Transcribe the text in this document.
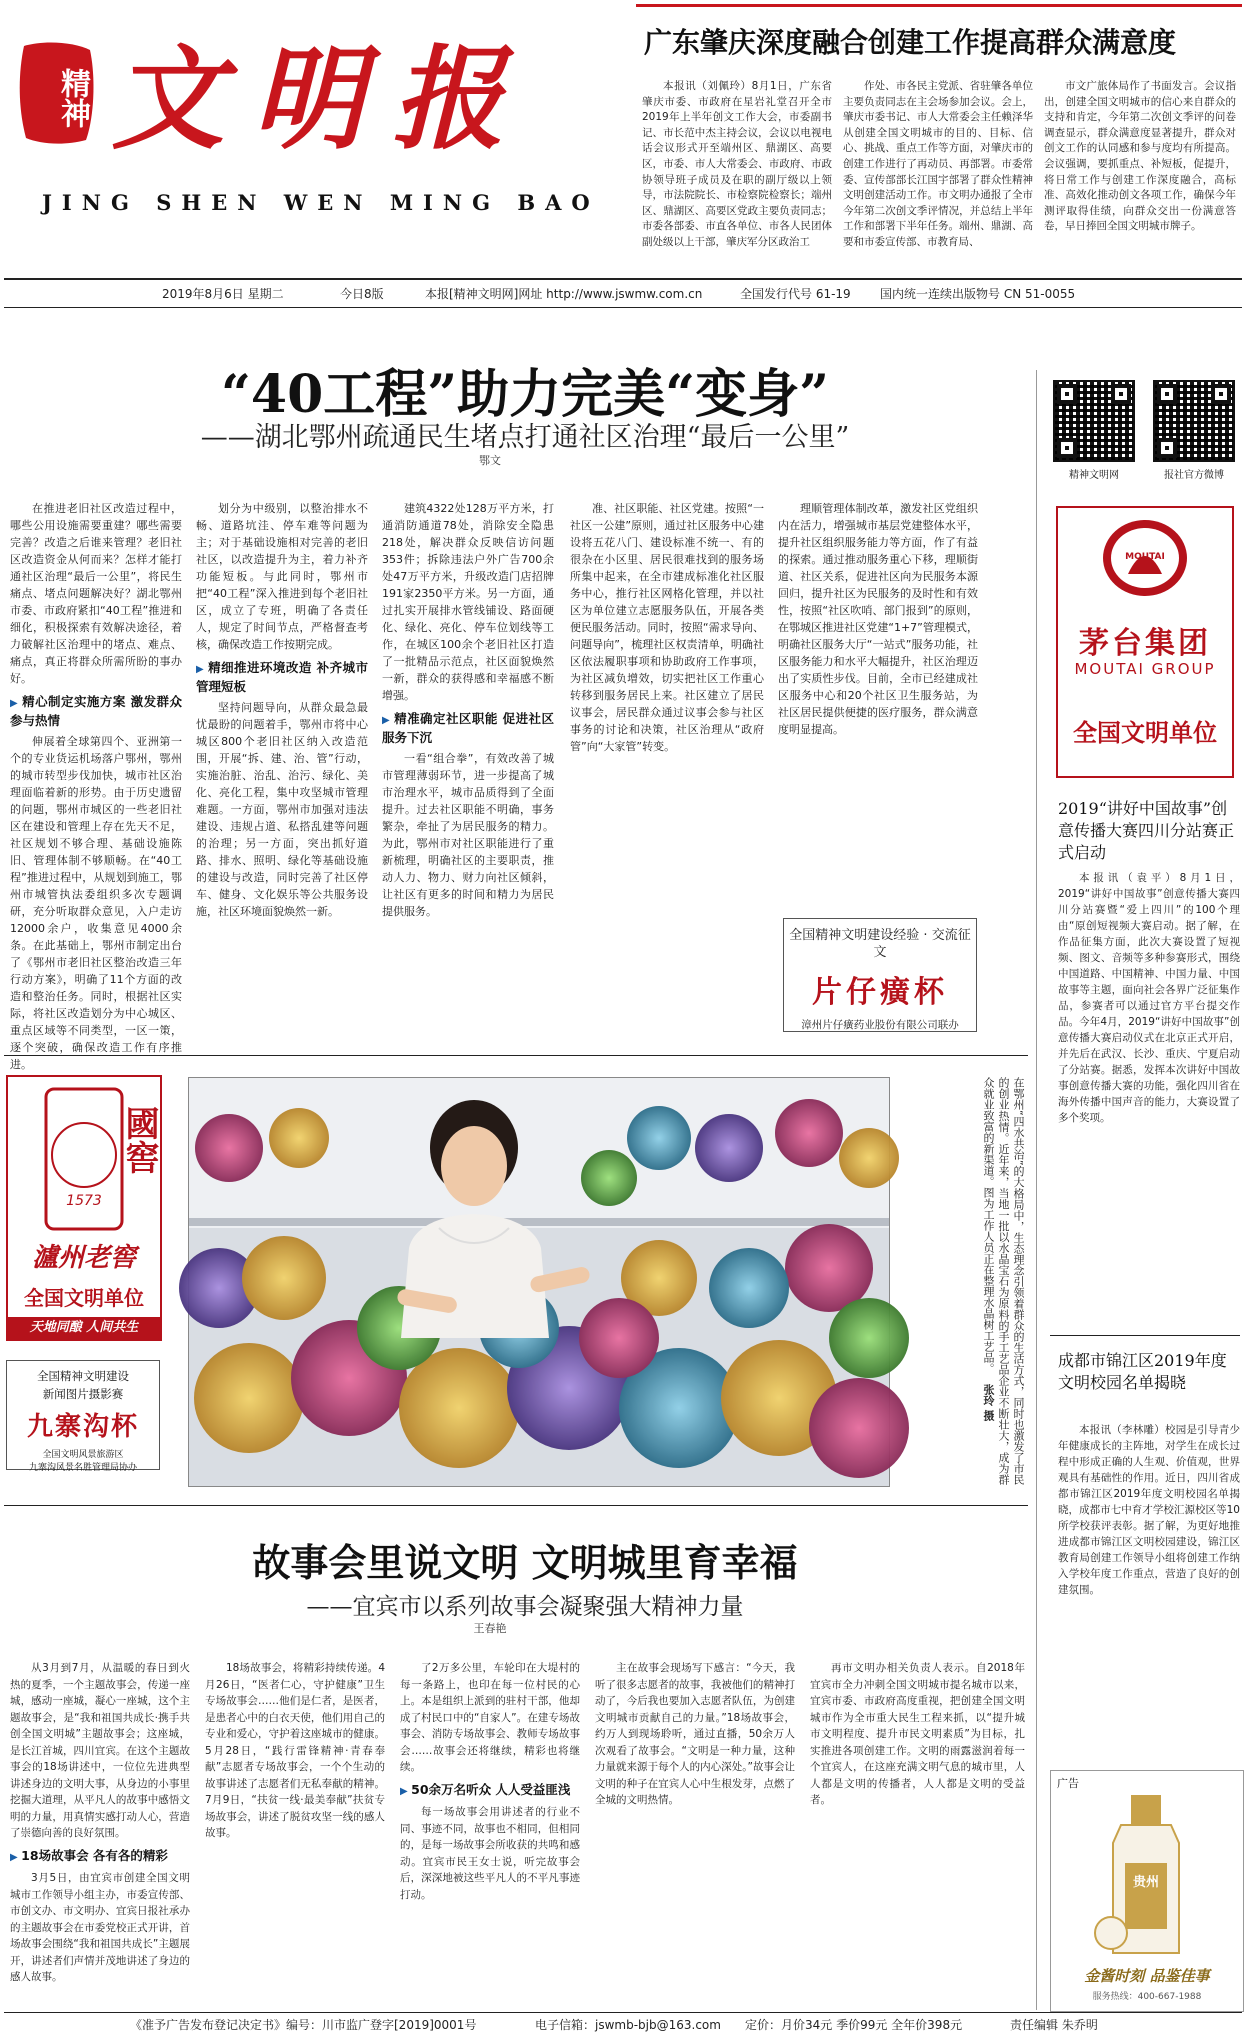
精神 文明报
JING SHEN WEN MING BAO
广东肇庆深度融合创建工作提高群众满意度

本报讯（刘佩玲）8月1日，广东省肇庆市委、市政府在星岩礼堂召开全市2019年上半年创文工作大会，市委副书记、市长范中杰主持会议，会议以电视电话会议形式开至端州区、鼎湖区、高要区，市委、市人大常委会、市政府、市政协领导班子成员及在职的副厅级以上领导，市法院院长、市检察院检察长；端州区、鼎湖区、高要区党政主要负责同志；市委各部委、市直各单位、市各人民团体副处级以上干部，肇庆军分区政治工

作处、市各民主党派、省驻肇各单位主要负责同志在主会场参加会议。会上，肇庆市委书记、市人大常委会主任赖泽华从创建全国文明城市的目的、目标、信心、挑战、重点工作等方面，对肇庆市的创建工作进行了再动员、再部署。市委常委、宣传部部长江国宇部署了群众性精神文明创建活动工作。市文明办通报了全市今年第二次创文季评情况，并总结上半年工作和部署下半年任务。端州、鼎湖、高要和市委宣传部、市教育局、

市文广旅体局作了书面发言。会议指出，创建全国文明城市的信心来自群众的支持和肯定，今年第二次创文季评的问卷调查显示，群众满意度显著提升，群众对创文工作的认同感和参与度均有所提高。会议强调，要抓重点、补短板，促提升，将日常工作与创建工作深度融合，高标准、高效化推动创文各项工作，确保今年测评取得佳绩，向群众交出一份满意答卷，早日捧回全国文明城市牌子。

2019年8月6日 星期二	今日8版	本报[精神文明网]网址 http://www.jswmw.com.cn	全国发行代号 61-19 国内统一连续出版物号 CN 51-0055
“40工程”助力完美“变身”
——湖北鄂州疏通民生堵点打通社区治理“最后一公里”
鄂文

在推进老旧社区改造过程中，哪些公用设施需要重建？哪些需要完善？改造之后谁来管理？老旧社区改造资金从何而来？怎样才能打通社区治理“最后一公里”，将民生痛点、堵点问题解决好？湖北鄂州市委、市政府紧扣“40工程”推进和细化，积极探索有效解决途径，着力破解社区治理中的堵点、难点、痛点，真正将群众所需所盼的事办好。

▶ 精心制定实施方案 激发群众参与热情

伸展着全球第四个、亚洲第一个的专业货运机场落户鄂州，鄂州的城市转型步伐加快，城市社区治理面临着新的形势。由于历史遗留的问题，鄂州市城区的一些老旧社区在建设和管理上存在先天不足，社区规划不够合理、基础设施陈旧、管理体制不够顺畅。在“40工程”推进过程中，从规划到施工，鄂州市城管执法委组织多次专题调研，充分听取群众意见，入户走访12000余户，收集意见4000余条。在此基础上，鄂州市制定出台了《鄂州市老旧社区整治改造三年行动方案》，明确了11个方面的改造和整治任务。同时，根据社区实际，将社区改造划分为中心城区、重点区域等不同类型，一区一策，逐个突破，确保改造工作有序推进。

划分为中级别，以整治排水不畅、道路坑洼、停车难等问题为主；对于基础设施相对完善的老旧社区，以改造提升为主，着力补齐功能短板。与此同时，鄂州市把“40工程”深入推进到每个老旧社区，成立了专班，明确了各责任人，规定了时间节点，严格督查考核，确保改造工作按期完成。

▶ 精细推进环境改造 补齐城市管理短板

坚持问题导向，从群众最急最忧最盼的问题着手，鄂州市将中心城区800个老旧社区纳入改造范围，开展“拆、建、治、管”行动，实施治脏、治乱、治污、绿化、美化、亮化工程，集中攻坚城市管理难题。一方面，鄂州市加强对违法建设、违规占道、私搭乱建等问题的治理；另一方面，突出抓好道路、排水、照明、绿化等基础设施的建设与改造，同时完善了社区停车、健身、文化娱乐等公共服务设施，社区环境面貌焕然一新。

建筑4322处128万平方米，打通消防通道78处，消除安全隐患218处，解决群众反映信访问题353件；拆除违法户外广告700余处47万平方米，升级改造门店招牌191家2350平方米。另一方面，通过扎实开展排水管线铺设、路面硬化、绿化、亮化、停车位划线等工作，在城区100余个老旧社区打造了一批精品示范点，社区面貌焕然一新，群众的获得感和幸福感不断增强。

▶ 精准确定社区职能 促进社区服务下沉

一看“组合拳”，有效改善了城市管理薄弱环节，进一步提高了城市治理水平，城市品质得到了全面提升。过去社区职能不明确，事务繁杂，牵扯了为居民服务的精力。为此，鄂州市对社区职能进行了重新梳理，明确社区的主要职责，推动人力、物力、财力向社区倾斜，让社区有更多的时间和精力为居民提供服务。

准、社区职能、社区党建。按照“一社区一公建”原则，通过社区服务中心建设将五花八门、建设标准不统一、有的很杂在小区里、居民很难找到的服务场所集中起来，在全市建成标准化社区服务中心，推行社区网格化管理，并以社区为单位建立志愿服务队伍，开展各类便民服务活动。同时，按照“需求导向、问题导向”，梳理社区权责清单，明确社区依法履职事项和协助政府工作事项，为社区减负增效，切实把社区工作重心转移到服务居民上来。社区建立了居民议事会，居民群众通过议事会参与社区事务的讨论和决策，社区治理从“政府管”向“大家管”转变。

理顺管理体制改革，激发社区党组织内在活力，增强城市基层党建整体水平，提升社区组织服务能力等方面，作了有益的探索。通过推动服务重心下移，理顺街道、社区关系，促进社区向为民服务本源回归，提升社区为民服务的及时性和有效性，按照“社区吹哨、部门报到”的原则，在鄂城区推进社区党建“1+7”管理模式，明确社区服务大厅“一站式”服务功能，社区服务能力和水平大幅提升，社区治理迈出了实质性步伐。目前，全市已经建成社区服务中心和20个社区卫生服务站，为社区居民提供便捷的医疗服务，群众满意度明显提高。

全国精神文明建设经验 · 交流征文
片仔癀杯
漳州片仔癀药业股份有限公司联办
國窖
1573
瀘州老窖
全国文明单位
天地同酿 人间共生
全国精神文明建设
新闻图片摄影赛
九寨沟杯
全国文明风景旅游区
九寨沟风景名胜管理局协办	在鄂州“四水共治”的大格局中，生态理念引领着群众的生活方式，同时也激发了市民的创业热情。近年来，当地一批以水晶宝石为原料的手工艺品企业不断壮大，成为群众就业致富的新渠道。图为工作人员正在整理水晶树工艺品。 张玲 摄
精神文明网	报社官方微博
MOUTAI
茅台集团
MOUTAI GROUP
全国文明单位
2019“讲好中国故事”创意传播大赛四川分站赛正式启动

本报讯（袁平）8月1日，2019“讲好中国故事”创意传播大赛四川分站赛暨“爱上四川”的100个理由“原创短视频大赛启动。据了解，在作品征集方面，此次大赛设置了短视频、图文、音频等多种参赛形式，围绕中国道路、中国精神、中国力量、中国故事等主题，面向社会各界广泛征集作品，参赛者可以通过官方平台提交作品。今年4月，2019“讲好中国故事”创意传播大赛启动仪式在北京正式开启，并先后在武汉、长沙、重庆、宁夏启动了分站赛。据悉，发挥本次讲好中国故事创意传播大赛的功能，强化四川省在海外传播中国声音的能力，大赛设置了多个奖项。

成都市锦江区2019年度文明校园名单揭晓

本报讯（李林雕）校园是引导青少年健康成长的主阵地，对学生在成长过程中形成正确的人生观、价值观，世界观具有基础性的作用。近日，四川省成都市锦江区2019年度文明校园名单揭晓，成都市七中育才学校汇源校区等10所学校获评表彰。据了解，为更好地推进成都市锦江区文明校园建设，锦江区教育局创建工作领导小组将创建工作纳入学校年度工作重点，营造了良好的创建氛围。

广告
贵州
金酱时刻 品鉴佳事
服务热线：400-667-1988
故事会里说文明 文明城里育幸福
——宜宾市以系列故事会凝聚强大精神力量
王春艳

从3月到7月，从温暖的春日到火热的夏季，一个主题故事会，传递一座城，感动一座城，凝心一座城，这个主题故事会，是“我和祖国共成长·携手共创全国文明城”主题故事会；这座城，是长江首城，四川宜宾。在这个主题故事会的18场讲述中，一位位先进典型讲述身边的文明大事，从身边的小事里挖掘大道理，从平凡人的故事中感悟文明的力量，用真情实感打动人心，营造了崇德向善的良好氛围。

▶ 18场故事会 各有各的精彩

3月5日，由宜宾市创建全国文明城市工作领导小组主办，市委宣传部、市创文办、市文明办、宜宾日报社承办的主题故事会在市委党校正式开讲，首场故事会围绕“我和祖国共成长”主题展开，讲述者们声情并茂地讲述了身边的感人故事。

18场故事会，将精彩持续传递。4月26日，“医者仁心，守护健康”卫生专场故事会……他们是仁者，是医者，是患者心中的白衣天使，他们用自己的专业和爱心，守护着这座城市的健康。5月28日，“践行雷锋精神·青春奉献”志愿者专场故事会，一个个生动的故事讲述了志愿者们无私奉献的精神。7月9日，“扶贫一线·最美奉献”扶贫专场故事会，讲述了脱贫攻坚一线的感人故事。

了2万多公里，车轮印在大堤村的每一条路上，也印在每一位村民的心上。本是组织上派到的驻村干部，他却成了村民口中的“自家人”。在建专场故事会、消防专场故事会、教师专场故事会……故事会还将继续，精彩也将继续。

▶ 50余万名听众 人人受益匪浅

每一场故事会用讲述者的行业不同、事迹不同，故事也不相同，但相同的，是每一场故事会所收获的共鸣和感动。宜宾市民王女士说，听完故事会后，深深地被这些平凡人的不平凡事迹打动。

主在故事会现场写下感言：“今天，我听了很多志愿者的故事，我被他们的精神打动了，今后我也要加入志愿者队伍，为创建文明城市贡献自己的力量。”18场故事会，约万人到现场聆听，通过直播，50余万人次观看了故事会。“文明是一种力量，这种力量就来源于每个人的内心深处。”故事会让文明的种子在宜宾人心中生根发芽，点燃了全城的文明热情。

再市文明办相关负责人表示。自2018年宜宾市全力冲刺全国文明城市提名城市以来，宜宾市委、市政府高度重视，把创建全国文明城市作为全市重大民生工程来抓，以“提升城市文明程度、提升市民文明素质”为目标，扎实推进各项创建工作。文明的雨露滋润着每一个宜宾人，在这座充满文明气息的城市里，人人都是文明的传播者，人人都是文明的受益者。

《准予广告发布登记决定书》编号：川市监广登字[2019]0001号	电子信箱：jswmb-bjb@163.com 定价：月价34元 季价99元 全年价398元	责任编辑 朱乔明
